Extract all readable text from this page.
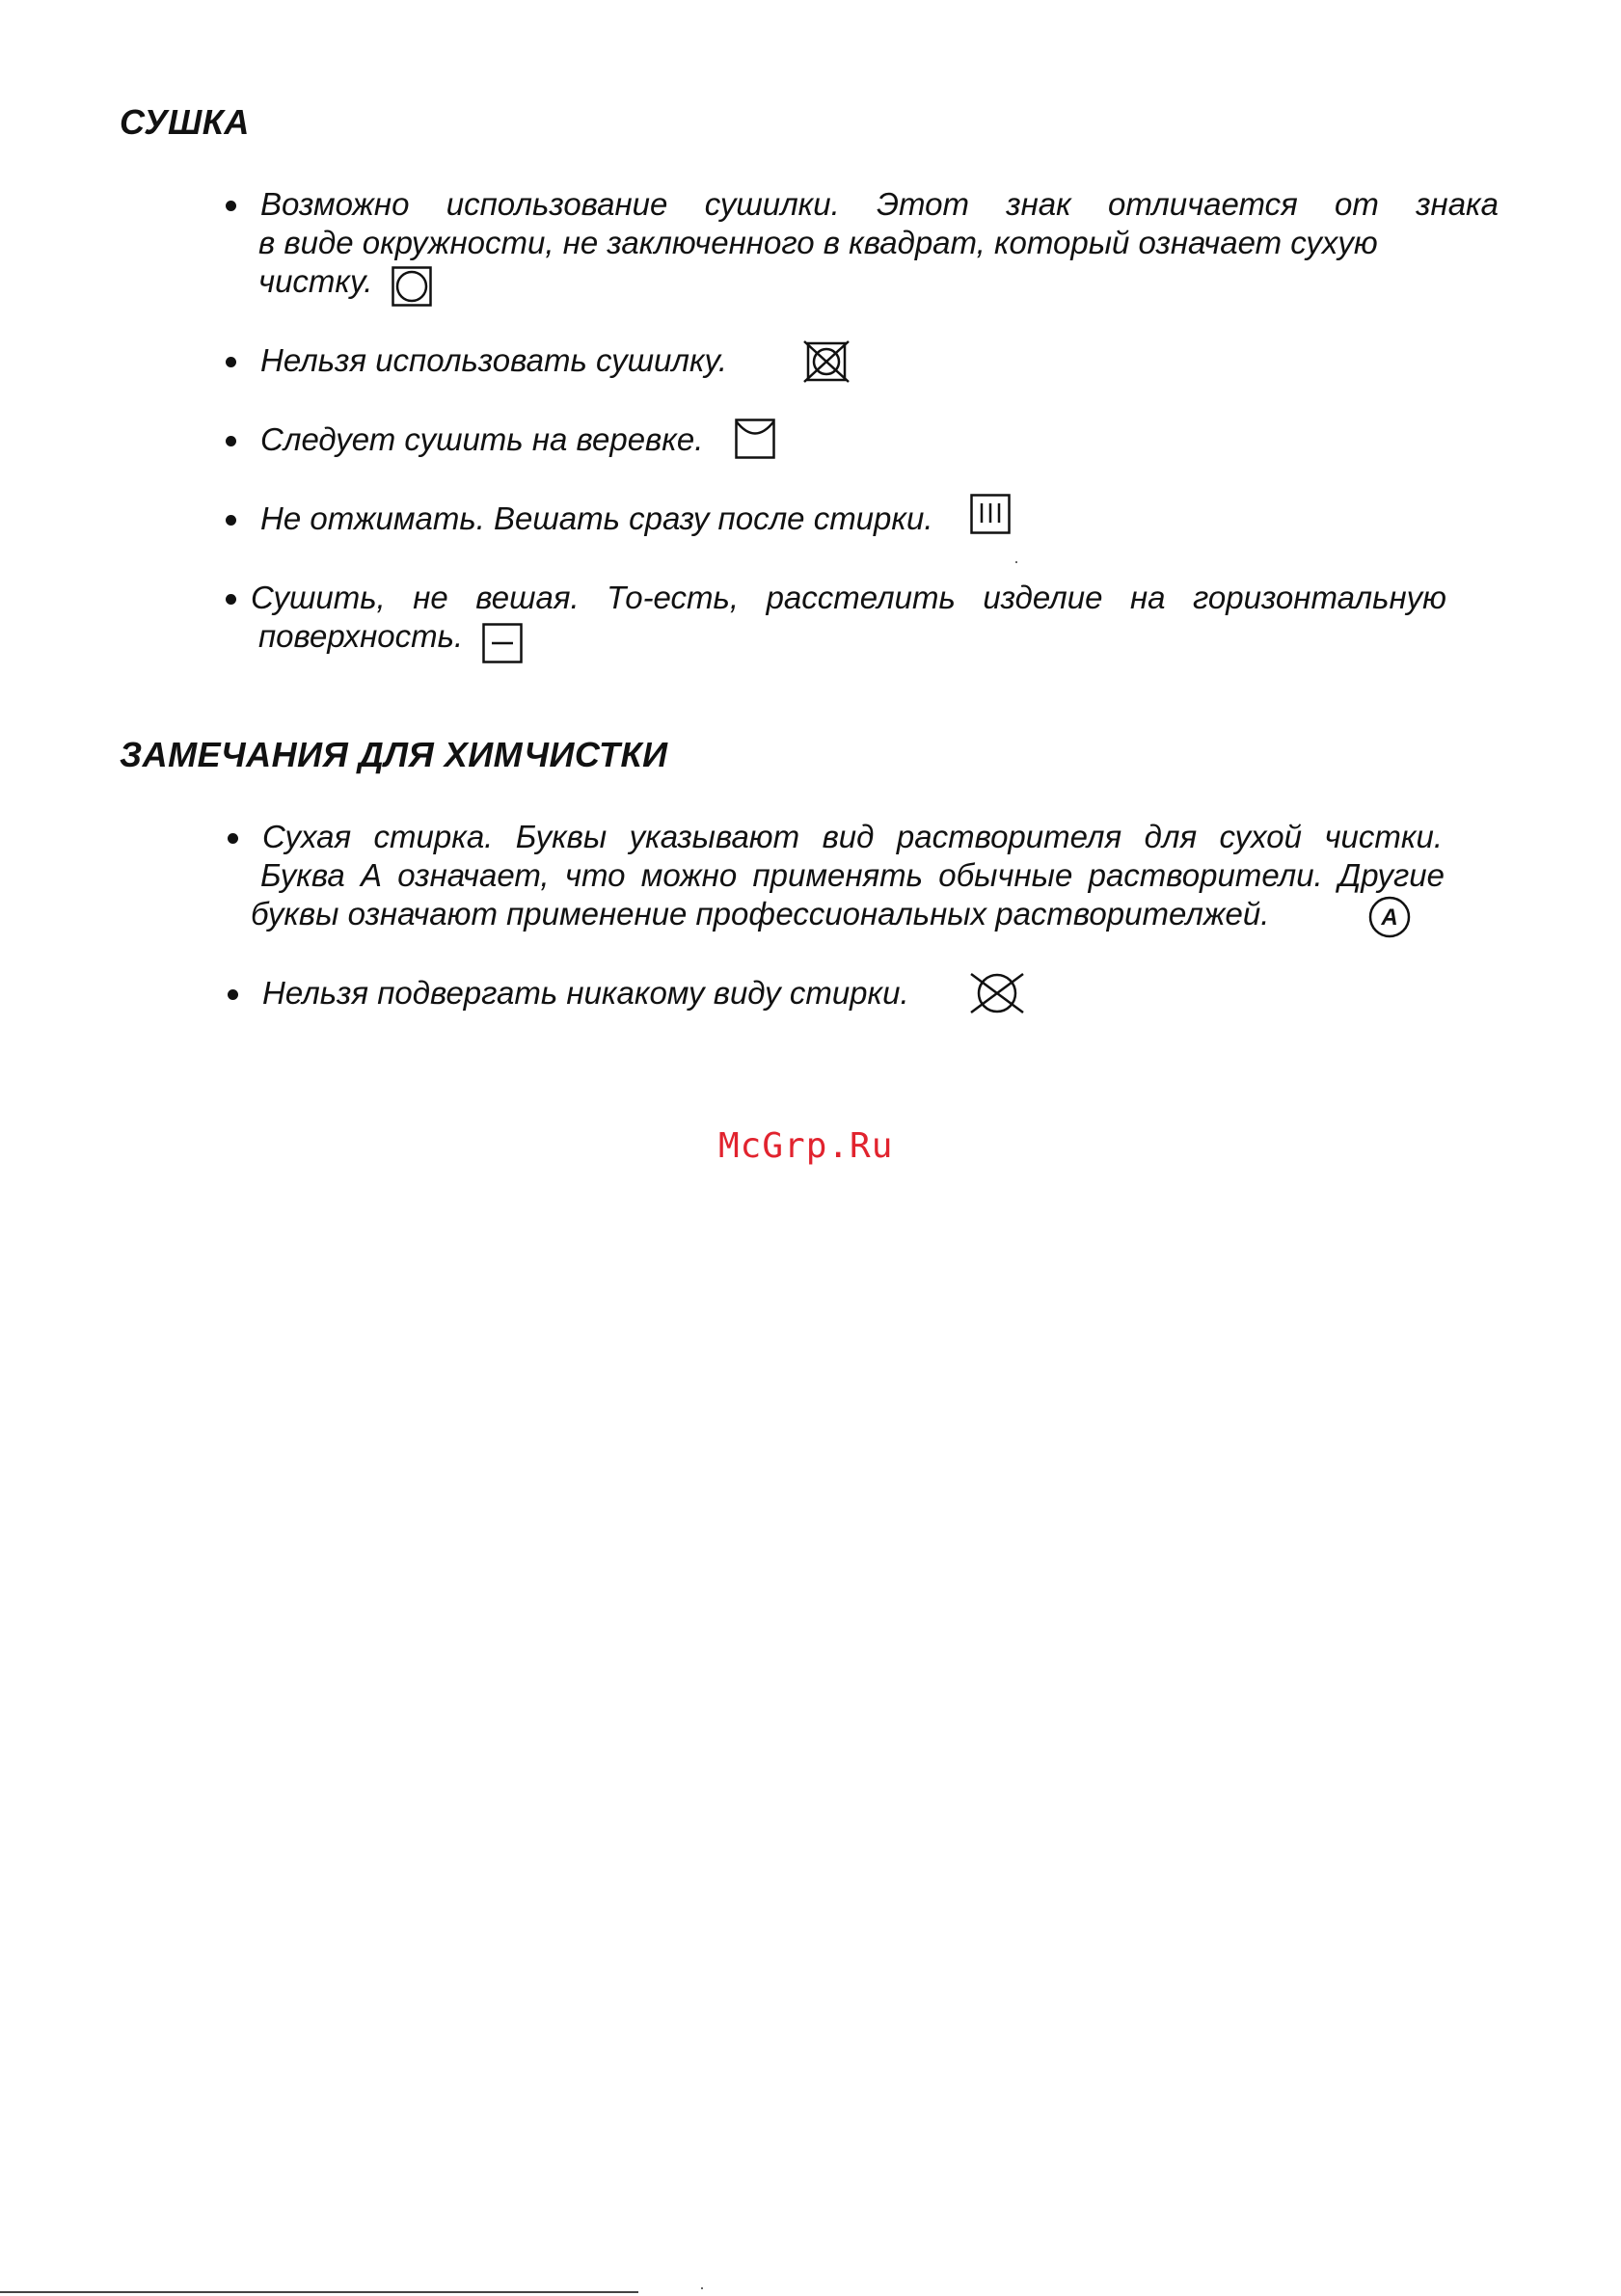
СУШКА
Возможно использование сушилки. Этот знак отличается от знака
в виде окружности, не заключенного в квадрат, который означает сухую
чистку.
Нельзя использовать сушилку.
Следует сушить на веревке.
Не отжимать. Вешать сразу после стирки.
Сушить, не вешая. То-есть, расстелить изделие на горизонтальную
поверхность.
ЗАМЕЧАНИЯ ДЛЯ ХИМЧИСТКИ
Сухая стирка. Буквы указывают вид растворителя для сухой чистки.
Буква А означает, что можно применять обычные растворители. Другие
буквы означают применение профессиональных растворителжей.	A
Нельзя подвергать никакому виду стирки.
McGrp.Ru
